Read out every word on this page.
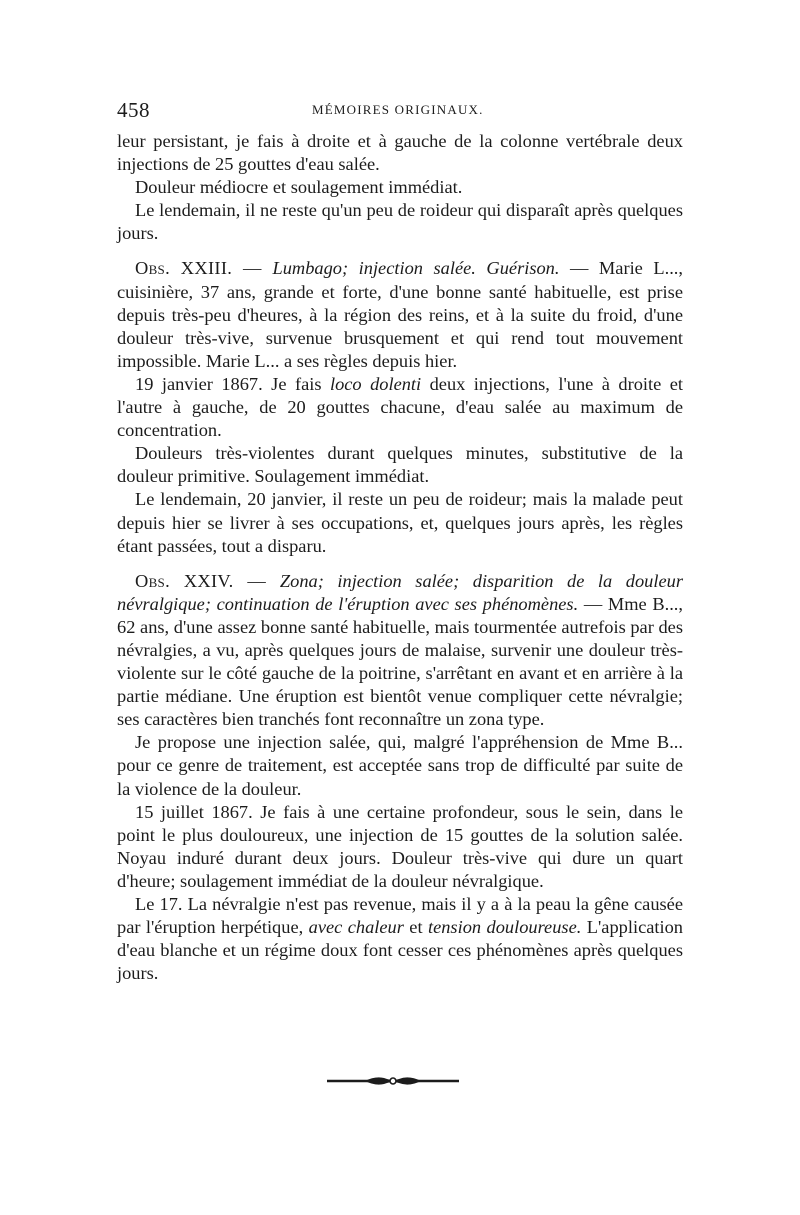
458	MÉMOIRES ORIGINAUX.

leur persistant, je fais à droite et à gauche de la colonne vertébrale deux injections de 25 gouttes d'eau salée.

Douleur médiocre et soulagement immédiat.

Le lendemain, il ne reste qu'un peu de roideur qui disparaît après quelques jours.

Obs. XXIII. — Lumbago; injection salée. Guérison. — Marie L..., cuisinière, 37 ans, grande et forte, d'une bonne santé habituelle, est prise depuis très-peu d'heures, à la région des reins, et à la suite du froid, d'une douleur très-vive, survenue brusquement et qui rend tout mouvement impossible. Marie L... a ses règles depuis hier.

19 janvier 1867. Je fais loco dolenti deux injections, l'une à droite et l'autre à gauche, de 20 gouttes chacune, d'eau salée au maximum de concentration.

Douleurs très-violentes durant quelques minutes, substitutive de la douleur primitive. Soulagement immédiat.

Le lendemain, 20 janvier, il reste un peu de roideur; mais la malade peut depuis hier se livrer à ses occupations, et, quelques jours après, les règles étant passées, tout a disparu.

Obs. XXIV. — Zona; injection salée; disparition de la douleur névralgique; continuation de l'éruption avec ses phénomènes. — Mme B..., 62 ans, d'une assez bonne santé habituelle, mais tourmentée autrefois par des névralgies, a vu, après quelques jours de malaise, survenir une douleur très-violente sur le côté gauche de la poitrine, s'arrêtant en avant et en arrière à la partie médiane. Une éruption est bientôt venue compliquer cette névralgie; ses caractères bien tranchés font reconnaître un zona type.

Je propose une injection salée, qui, malgré l'appréhension de Mme B... pour ce genre de traitement, est acceptée sans trop de difficulté par suite de la violence de la douleur.

15 juillet 1867. Je fais à une certaine profondeur, sous le sein, dans le point le plus douloureux, une injection de 15 gouttes de la solution salée. Noyau induré durant deux jours. Douleur très-vive qui dure un quart d'heure; soulagement immédiat de la douleur névralgique.

Le 17. La névralgie n'est pas revenue, mais il y a à la peau la gêne causée par l'éruption herpétique, avec chaleur et tension douloureuse. L'application d'eau blanche et un régime doux font cesser ces phénomènes après quelques jours.
